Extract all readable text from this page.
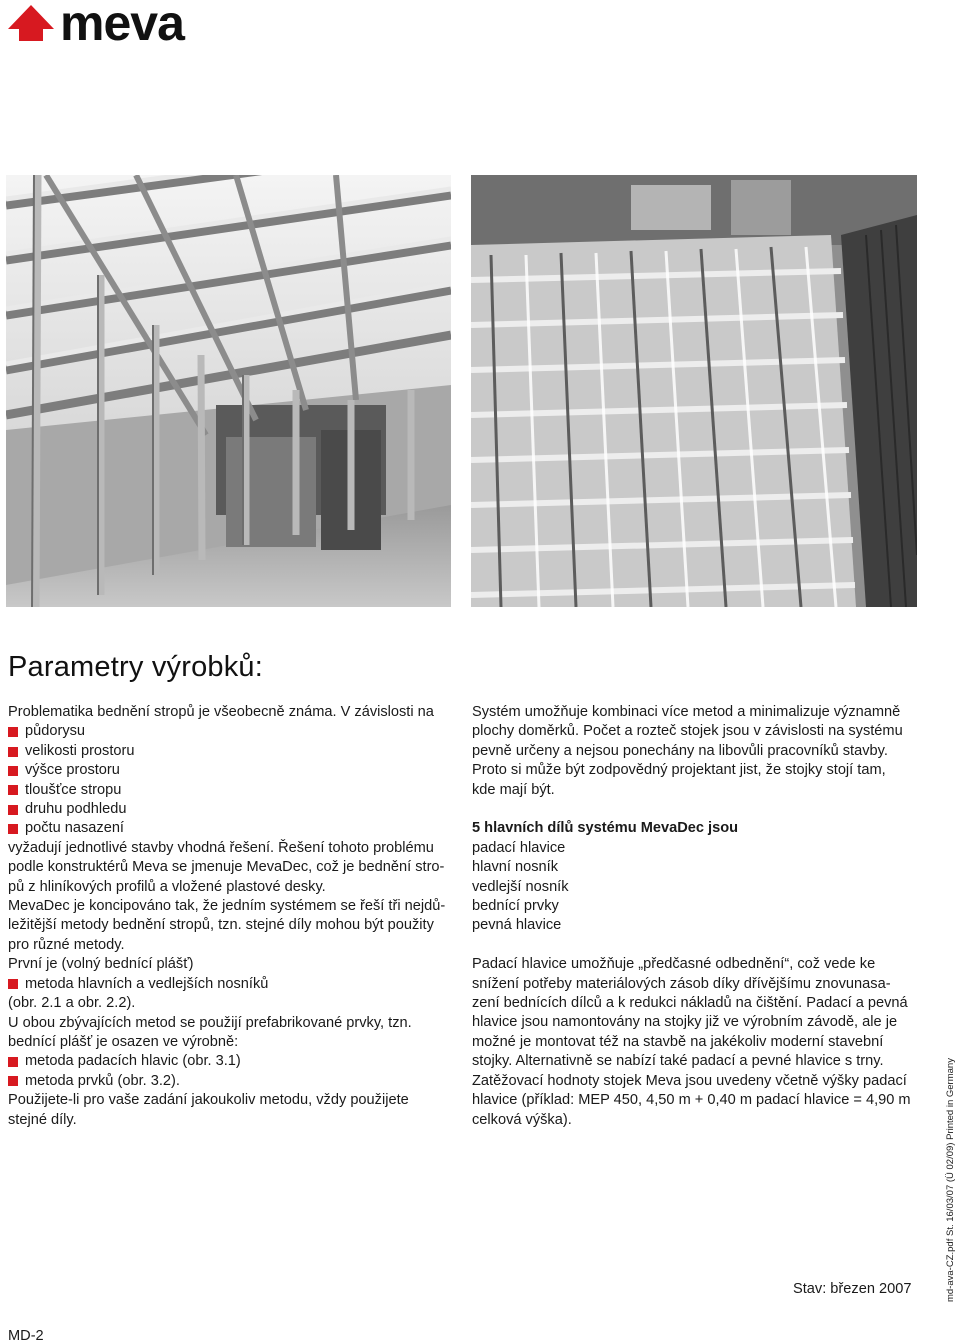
meva
Parametry výrobků:

Problematika bednění stropů je všeobecně známa. V závislosti na

půdorysu
velikosti prostoru
výšce prostoru
tloušťce stropu
druhu podhledu
počtu nasazení

vyžadují jednotlivé stavby vhodná řešení. Řešení tohoto problému

podle konstruktérů Meva se jmenuje MevaDec, což je bednění stro-

pů z hliníkových profilů a vložené plastové desky.

MevaDec je koncipováno tak, že jedním systémem se řeší tři nejdů-

ležitější metody bednění stropů, tzn. stejné díly mohou být použity

pro různé metody.

První je (volný bednící plášť)

metoda hlavních a vedlejších nosníků

(obr. 2.1 a obr. 2.2).

U obou zbývajících metod se použijí prefabrikované prvky, tzn.

bednící plášť je osazen ve výrobně:

metoda padacích hlavic (obr. 3.1)
metoda prvků (obr. 3.2).

Použijete-li pro vaše zadání jakoukoliv metodu, vždy použijete

stejné díly.

Systém umožňuje kombinaci více metod a minimalizuje významně

plochy doměrků. Počet a rozteč stojek jsou v závislosti na systému

pevně určeny a nejsou ponechány na libovůli pracovníků stavby.

Proto si může být zodpovědný projektant jist, že stojky stojí tam,

kde mají být.

5 hlavních dílů systému MevaDec jsou

padací hlavice

hlavní nosník

vedlejší nosník

bednící prvky

pevná hlavice

Padací hlavice umožňuje „předčasné odbednění“, což vede ke

snížení potřeby materiálových zásob díky dřívějšímu znovunasa-

zení bednících dílců a k redukci nákladů na čištění. Padací a pevná

hlavice jsou namontovány na stojky již ve výrobním závodě, ale je

možné je montovat též na stavbě na jakékoliv moderní stavební

stojky. Alternativně se nabízí také padací a pevné hlavice s trny.

Zatěžovací hodnoty stojek Meva jsou uvedeny včetně výšky padací

hlavice (příklad: MEP 450, 4,50 m + 0,40 m padací hlavice = 4,90 m

celková výška).

Stav: březen 2007
MD-2
md-ava-CZ.pdf St. 16/03/07 (Ü 02/09) Printed in Germany
